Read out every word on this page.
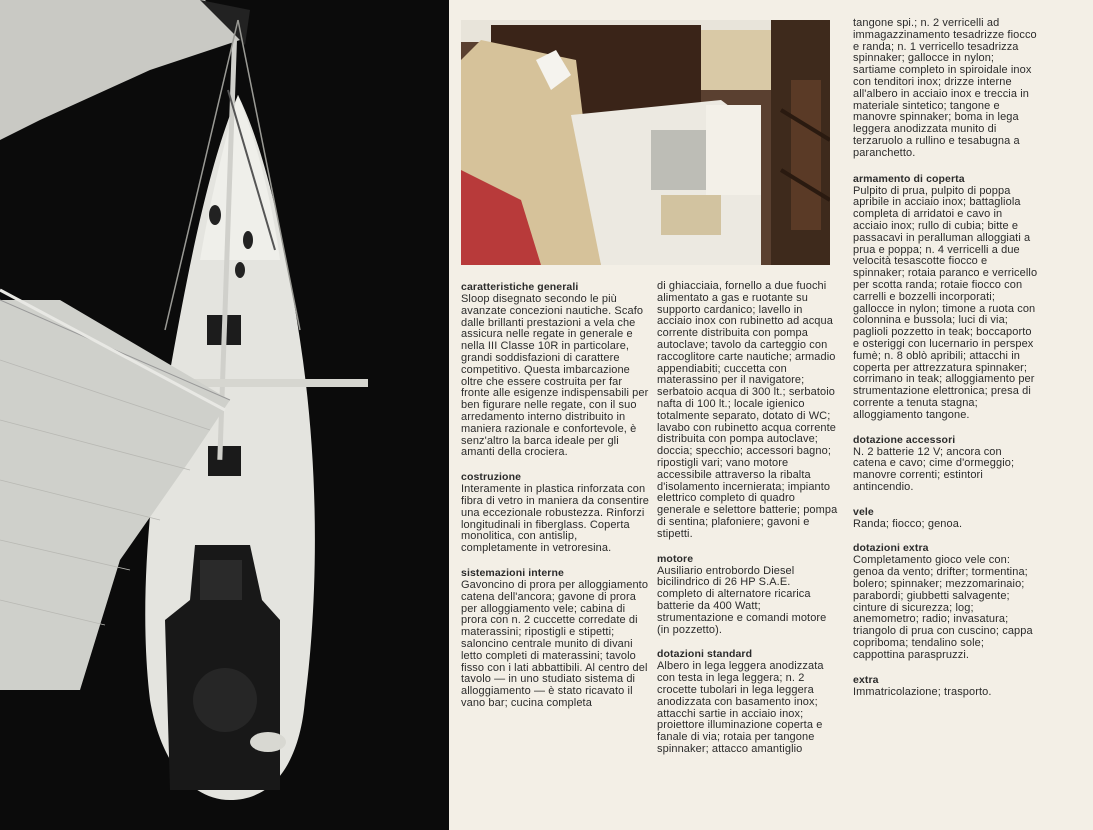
caratteristiche generali

Sloop disegnato secondo le più avanzate concezioni nautiche. Scafo dalle brillanti prestazioni a vela che assicura nelle regate in generale e nella III Classe 10R in particolare, grandi soddisfazioni di carattere competitivo. Questa imbarcazione oltre che essere costruita per far fronte alle esigenze indispensabili per ben figurare nelle regate, con il suo arredamento interno distribuito in maniera razionale e confortevole, è senz'altro la barca ideale per gli amanti della crociera.

costruzione

Interamente in plastica rinforzata con fibra di vetro in maniera da consentire una eccezionale robustezza. Rinforzi longitudinali in fiberglass. Coperta monolitica, con antislip, completamente in vetroresina.

sistemazioni interne

Gavoncino di prora per alloggiamento catena dell'ancora; gavone di prora per alloggiamento vele; cabina di prora con n. 2 cuccette corredate di materassini; ripostigli e stipetti; saloncino centrale munito di divani letto completi di materassini; tavolo fisso con i lati abbattibili. Al centro del tavolo — in uno studiato sistema di alloggiamento — è stato ricavato il vano bar; cucina completa

di ghiacciaia, fornello a due fuochi alimentato a gas e ruotante su supporto cardanico; lavello in acciaio inox con rubinetto ad acqua corrente distribuita con pompa autoclave; tavolo da carteggio con raccoglitore carte nautiche; armadio appendiabiti; cuccetta con materassino per il navigatore; serbatoio acqua di 300 lt.; serbatoio nafta di 100 lt.; locale igienico totalmente separato, dotato di WC; lavabo con rubinetto acqua corrente distribuita con pompa autoclave; doccia; specchio; accessori bagno; ripostigli vari; vano motore accessibile attraverso la ribalta d'isolamento incernierata; impianto elettrico completo di quadro generale e selettore batterie; pompa di sentina; plafoniere; gavoni e stipetti.

motore

Ausiliario entrobordo Diesel bicilindrico di 26 HP S.A.E. completo di alternatore ricarica batterie da 400 Watt; strumentazione e comandi motore (in pozzetto).

dotazioni standard

Albero in lega leggera anodizzata con testa in lega leggera; n. 2 crocette tubolari in lega leggera anodizzata con basamento inox; attacchi sartie in acciaio inox; proiettore illuminazione coperta e fanale di via; rotaia per tangone spinnaker; attacco amantiglio

tangone spi.; n. 2 verricelli ad immagazzinamento tesadrizze fiocco e randa; n. 1 verricello tesadrizza spinnaker; gallocce in nylon; sartiame completo in spiroidale inox con tenditori inox; drizze interne all'albero in acciaio inox e treccia in materiale sintetico; tangone e manovre spinnaker; boma in lega leggera anodizzata munito di terzaruolo a rullino e tesabugna a paranchetto.

armamento di coperta

Pulpito di prua, pulpito di poppa apribile in acciaio inox; battagliola completa di arridatoi e cavo in acciaio inox; rullo di cubia; bitte e passacavi in peralluman alloggiati a prua e poppa; n. 4 verricelli a due velocità tesascotte fiocco e spinnaker; rotaia paranco e verricello per scotta randa; rotaie fiocco con carrelli e bozzelli incorporati; gallocce in nylon; timone a ruota con colonnina e bussola; luci di via; paglioli pozzetto in teak; boccaporto e osteriggi con lucernario in perspex fumè; n. 8 oblò apribili; attacchi in coperta per attrezzatura spinnaker; corrimano in teak; alloggiamento per strumentazione elettronica; presa di corrente a tenuta stagna; alloggiamento tangone.

dotazione accessori

N. 2 batterie 12 V; ancora con catena e cavo; cime d'ormeggio; manovre correnti; estintori antincendio.

vele

Randa; fiocco; genoa.

dotazioni extra

Completamento gioco vele con: genoa da vento; drifter; tormentina; bolero; spinnaker; mezzomarinaio; parabordi; giubbetti salvagente; cinture di sicurezza; log; anemometro; radio; invasatura; triangolo di prua con cuscino; cappa copriboma; tendalino sole; cappottina paraspruzzi.

extra

Immatricolazione; trasporto.
